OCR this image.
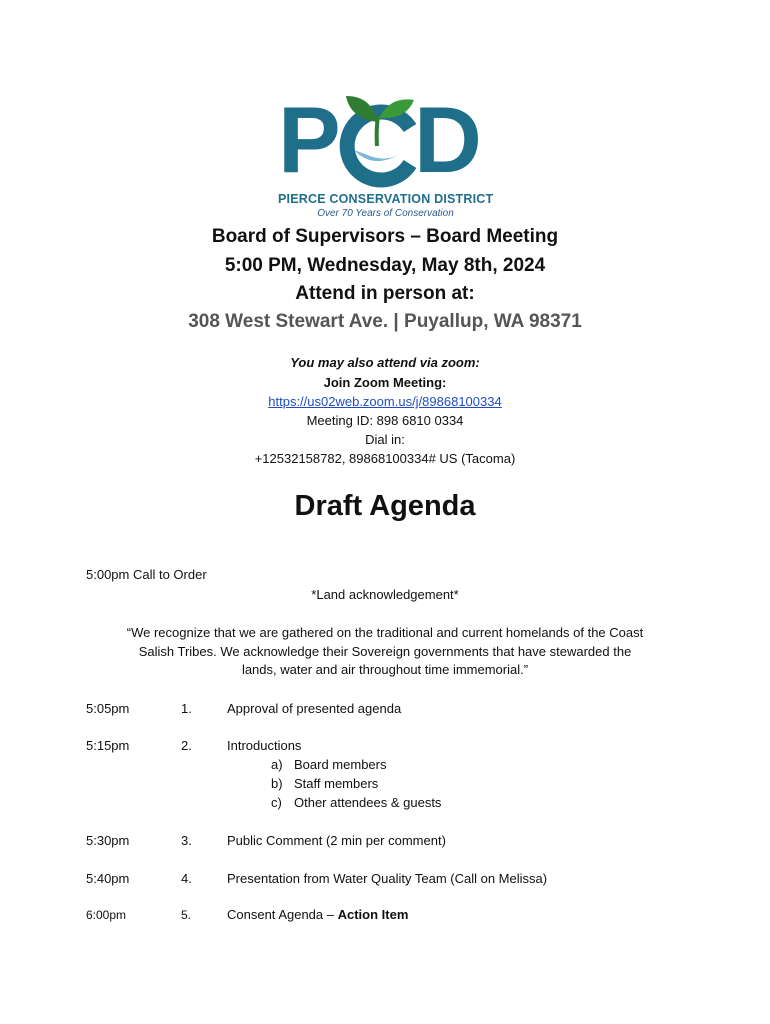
P D
PIERCE CONSERVATION DISTRICT
Over 70 Years of Conservation
Board of Supervisors – Board Meeting
5:00 PM, Wednesday, May 8th, 2024
Attend in person at:
308 West Stewart Ave. | Puyallup, WA 98371
You may also attend via zoom:
Join Zoom Meeting:
https://us02web.zoom.us/j/89868100334
Meeting ID: 898 6810 0334
Dial in:
+12532158782, 89868100334# US (Tacoma)
Draft Agenda
5:00pm Call to Order
*Land acknowledgement*
“We recognize that we are gathered on the traditional and current homelands of the Coast
Salish Tribes. We acknowledge their Sovereign governments that have stewarded the
lands, water and air throughout time immemorial.”
5:05pm	1.	Approval of presented agenda
5:15pm	2.	Introductions
a) Board members
b) Staff members
c) Other attendees & guests
5:30pm	3.	Public Comment (2 min per comment)
5:40pm	4.	Presentation from Water Quality Team (Call on Melissa)
6:00pm	5.	Consent Agenda – Action Item
